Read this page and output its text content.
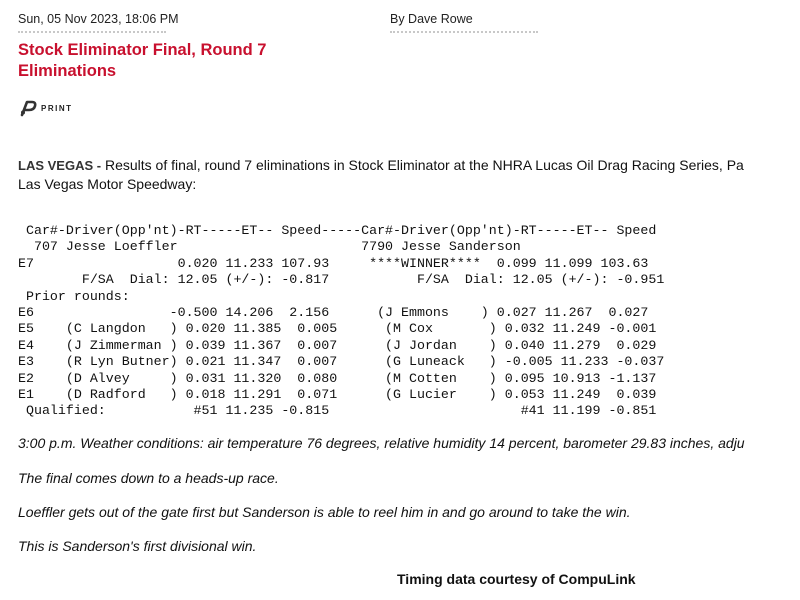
Sun, 05 Nov 2023, 18:06 PM	By Dave Rowe
Stock Eliminator Final, Round 7
Eliminations
PRINT
LAS VEGAS - Results of final, round 7 eliminations in Stock Eliminator at the NHRA Lucas Oil Drag Racing Series, Pa
Las Vegas Motor Speedway:
Car#-Driver(Opp'nt)-RT-----ET-- Speed-----Car#-Driver(Opp'nt)-RT-----ET-- Speed
707 Jesse Loeffler                       7790 Jesse Sanderson
E7                  0.020 11.233 107.93     ****WINNER****  0.099 11.099 103.63
F/SA  Dial: 12.05 (+/-): -0.817           F/SA  Dial: 12.05 (+/-): -0.951
Prior rounds:
E6                 -0.500 14.206  2.156      (J Emmons    ) 0.027 11.267  0.027
E5    (C Langdon   ) 0.020 11.385  0.005      (M Cox       ) 0.032 11.249 -0.001
E4    (J Zimmerman ) 0.039 11.367  0.007      (J Jordan    ) 0.040 11.279  0.029
E3    (R Lyn Butner) 0.021 11.347  0.007      (G Luneack   ) -0.005 11.233 -0.037
E2    (D Alvey     ) 0.031 11.320  0.080      (M Cotten    ) 0.095 10.913 -1.137
E1    (D Radford   ) 0.018 11.291  0.071      (G Lucier    ) 0.053 11.249  0.039
Qualified:           #51 11.235 -0.815                        #41 11.199 -0.851
3:00 p.m. Weather conditions: air temperature 76 degrees, relative humidity 14 percent, barometer 29.83 inches, adju
The final comes down to a heads-up race.
Loeffler gets out of the gate first but Sanderson is able to reel him in and go around to take the win.
This is Sanderson's first divisional win.
Timing data courtesy of CompuLink
